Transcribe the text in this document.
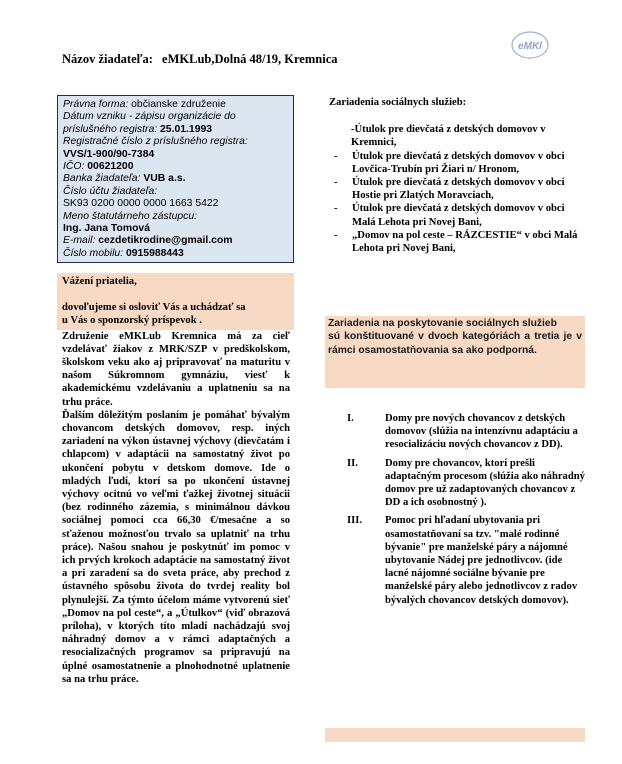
Názov žiadateľa: eMKLub,Dolná 48/19, Kremnica
eMKl
Právna forma: občianske združenie
Dátum vzniku - zápisu organizácie do
príslušného registra: 25.01.1993
Registračné číslo z príslušného registra:
VVS/1-900/90-7384
IČO: 00621200
Banka žiadateľa: VUB a.s.
Číslo účtu žiadateľa:
SK93 0200 0000 0000 1663 5422
Meno štatutárneho zástupcu:
Ing. Jana Tomová
E-mail: cezdetikrodine@gmail.com
Číslo mobilu: 0915988443

Vážení priatelia,

dovoľujeme si osloviť Vás a uchádzať sa

u Vás o sponzorský príspevok .

Združenie eMKLub Kremnica má za cieľ vzdelávať žiakov z MRK/SZP v predškolskom, školskom veku ako aj pripravovať na maturitu v našom Súkromnom gymnáziu, viesť k akademickému vzdelávaniu a uplatneniu sa na trhu práce.

Ďalším dôležitým poslaním je pomáhať bývalým chovancom detských domovov, resp. iných zariadení na výkon ústavnej výchovy (dievčatám i chlapcom) v adaptácii na samostatný život po ukončení pobytu v detskom domove. Ide o mladých ľudí, ktorí sa po ukončení ústavnej výchovy ocitnú vo veľmi ťažkej životnej situácii (bez rodinného zázemia, s minimálnou dávkou sociálnej pomoci cca 66,30 €/mesačne a so sťaženou možnosťou trvalo sa uplatniť na trhu práce). Našou snahou je poskytnúť im pomoc v ich prvých krokoch adaptácie na samostatný život a pri zaradení sa do sveta práce, aby prechod z ústavného spôsobu života do tvrdej reality bol plynulejší. Za týmto účelom máme vytvorenú sieť „Domov na pol ceste“, a „Útulkov“ (viď obrazová príloha), v ktorých títo mladí nachádzajú svoj náhradný domov a v rámci adaptačných a resocializačných programov sa pripravujú na úplné osamostatnenie a plnohodnotné uplatnenie sa na trhu práce.

Zariadenia sociálnych služieb:

-Útulok pre dievčatá z detských domovov v Kremnici,
- Útulok pre dievčatá z detských domovov v obci Lovčica-Trubín pri Žiari n/ Hronom,
- Útulok pre dievčatá z detských domovov v obci Hostie pri Zlatých Moravciach,
- Útulok pre dievčatá z detských domovov v obci Malá Lehota pri Novej Bani,
- „Domov na pol ceste – RÁZCESTIE“ v obci Malá Lehota pri Novej Bani,

Zariadenia na poskytovanie sociálnych služieb

sú konštituované v dvoch kategóriách a tretia je v rámci osamostatňovania sa ako podporná.

I.	Domy pre nových chovancov z detských domovov (slúžia na intenzívnu adaptáciu a resocializáciu nových chovancov z DD).
II.	Domy pre chovancov, ktorí prešli adaptačným procesom (slúžia ako náhradný domov pre už zadaptovaných chovancov z DD a ich osobnostný ).
III. Pomoc pri hľadaní ubytovania pri osamostatňovaní sa tzv. "malé rodinné bývanie" pre manželské páry a nájomné ubytovanie Nádej pre jednotlivcov. (ide lacné nájomné sociálne bývanie pre manželské páry alebo jednotlivcov z radov bývalých chovancov detských domovov).
